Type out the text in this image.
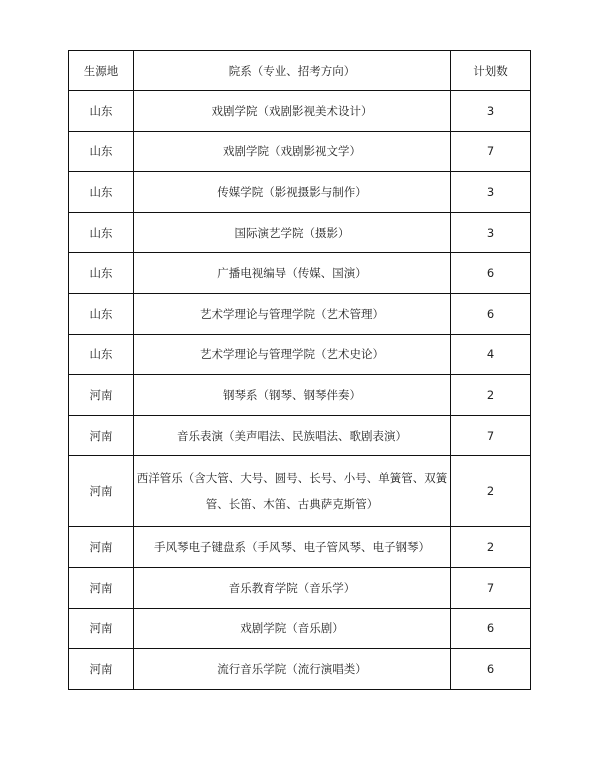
生源地	院系（专业、招考方向）	计划数

山东	戏剧学院（戏剧影视美术设计）	3

山东	戏剧学院（戏剧影视文学）	7

山东	传媒学院（影视摄影与制作）	3

山东	国际演艺学院（摄影）	3

山东	广播电视编导（传媒、国演）	6

山东	艺术学理论与管理学院（艺术管理）	6

山东	艺术学理论与管理学院（艺术史论）	4

河南	钢琴系（钢琴、钢琴伴奏）	2

河南	音乐表演（美声唱法、民族唱法、歌剧表演）	7

河南	西洋管乐（含大管、大号、圆号、长号、小号、单簧管、双簧管、长笛、木笛、古典萨克斯管）	2

河南	手风琴电子键盘系（手风琴、电子管风琴、电子钢琴）	2

河南	音乐教育学院（音乐学）	7

河南	戏剧学院（音乐剧）	6

河南	流行音乐学院（流行演唱类）	6
